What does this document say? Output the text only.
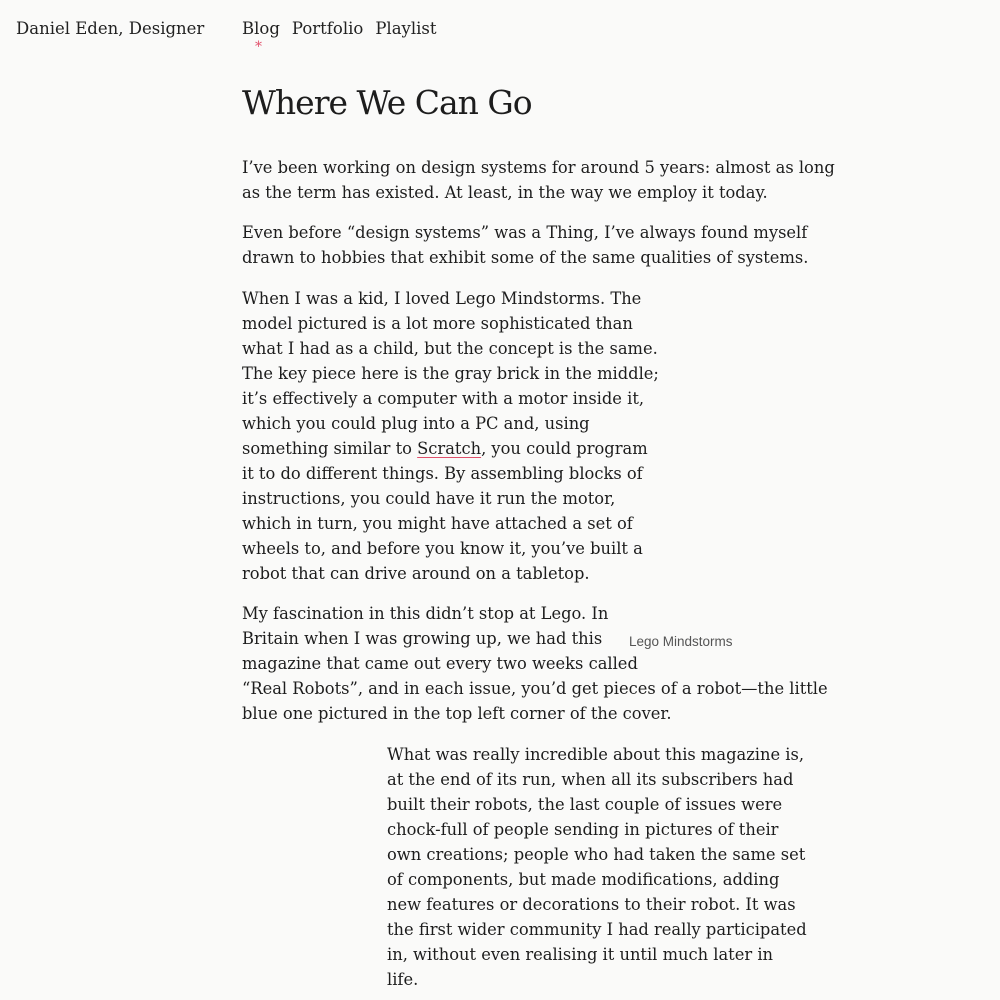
Daniel Eden, Designer Blog
*
Portfolio Playlist
Where We Can Go

I’ve been working on design systems for around 5 years: almost as long
as the term has existed. At least, in the way we employ it today.

Even before “design systems” was a Thing, I’ve always found myself
drawn to hobbies that exhibit some of the same qualities of systems.

When I was a kid, I loved Lego Mindstorms. The
model pictured is a lot more sophisticated than
what I had as a child, but the concept is the same.
The key piece here is the gray brick in the middle;
it’s effectively a computer with a motor inside it,
which you could plug into a PC and, using
something similar to Scratch, you could program
it to do different things. By assembling blocks of
instructions, you could have it run the motor,
which in turn, you might have attached a set of
wheels to, and before you know it, you’ve built a
robot that can drive around on a tabletop.

Lego Mindstorms

My fascination in this didn’t stop at Lego. In
Britain when I was growing up, we had this
magazine that came out every two weeks called
“Real Robots”, and in each issue, you’d get pieces of a robot—the little
blue one pictured in the top left corner of the cover.

What was really incredible about this magazine is,
at the end of its run, when all its subscribers had
built their robots, the last couple of issues were
chock-full of people sending in pictures of their
own creations; people who had taken the same set
of components, but made modifications, adding
new features or decorations to their robot. It was
the first wider community I had really participated
in, without even realising it until much later in
life.
